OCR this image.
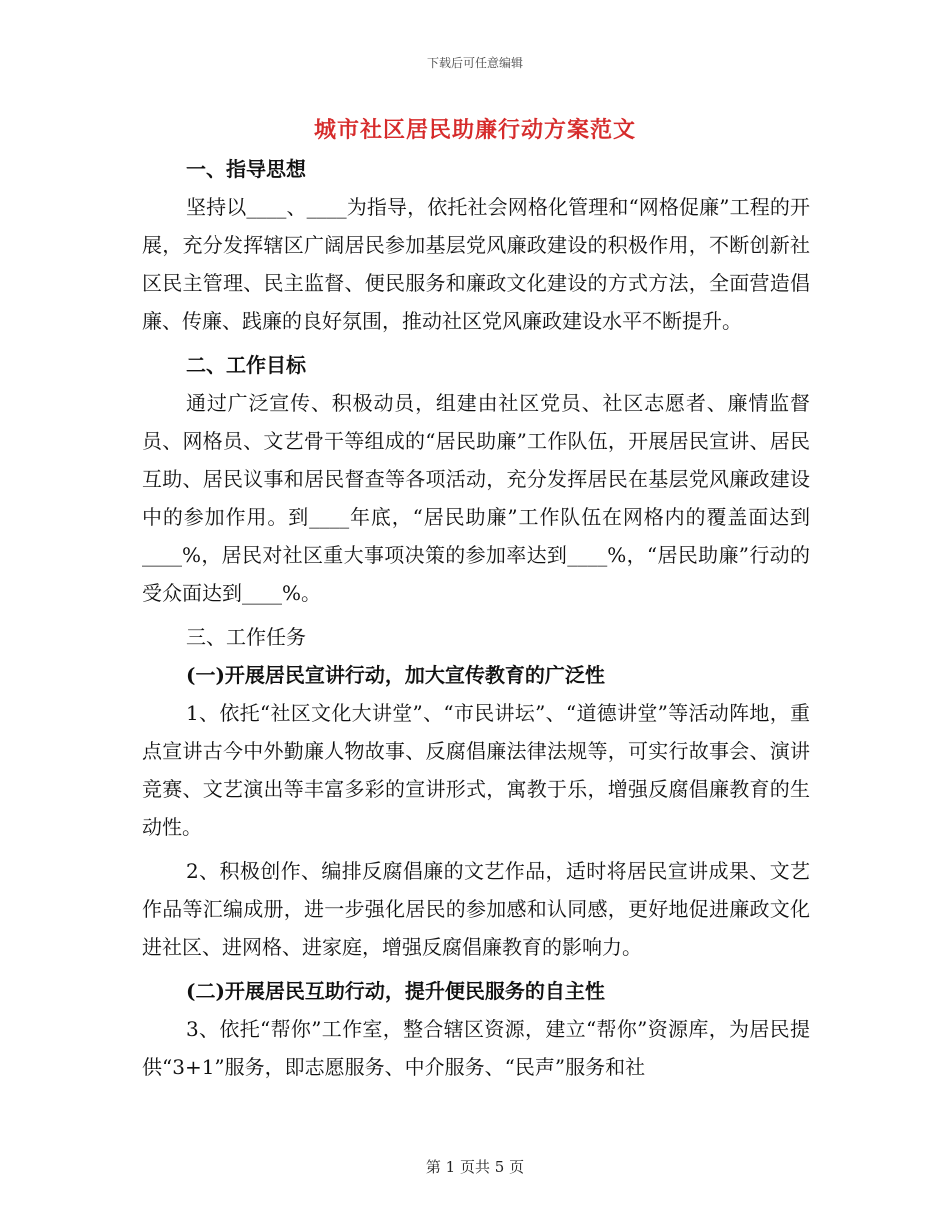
下载后可任意编辑
城市社区居民助廉行动方案范文

一、指导思想

坚持以____、____为指导，依托社会网格化管理和“网格促廉”工程的开展，充分发挥辖区广阔居民参加基层党风廉政建设的积极作用，不断创新社区民主管理、民主监督、便民服务和廉政文化建设的方式方法，全面营造倡廉、传廉、践廉的良好氛围，推动社区党风廉政建设水平不断提升。

二、工作目标

通过广泛宣传、积极动员，组建由社区党员、社区志愿者、廉情监督员、网格员、文艺骨干等组成的“居民助廉”工作队伍，开展居民宣讲、居民互助、居民议事和居民督查等各项活动，充分发挥居民在基层党风廉政建设中的参加作用。到____年底，“居民助廉”工作队伍在网格内的覆盖面达到____%，居民对社区重大事项决策的参加率达到____%，“居民助廉”行动的受众面达到____%。

三、工作任务

(一)开展居民宣讲行动，加大宣传教育的广泛性

1、依托“社区文化大讲堂”、“市民讲坛”、“道德讲堂”等活动阵地，重点宣讲古今中外勤廉人物故事、反腐倡廉法律法规等，可实行故事会、演讲竞赛、文艺演出等丰富多彩的宣讲形式，寓教于乐，增强反腐倡廉教育的生动性。

2、积极创作、编排反腐倡廉的文艺作品，适时将居民宣讲成果、文艺作品等汇编成册，进一步强化居民的参加感和认同感，更好地促进廉政文化进社区、进网格、进家庭，增强反腐倡廉教育的影响力。

(二)开展居民互助行动，提升便民服务的自主性

3、依托“帮你”工作室，整合辖区资源，建立“帮你”资源库，为居民提供“3+1”服务，即志愿服务、中介服务、“民声”服务和社

第 1 页共 5 页
